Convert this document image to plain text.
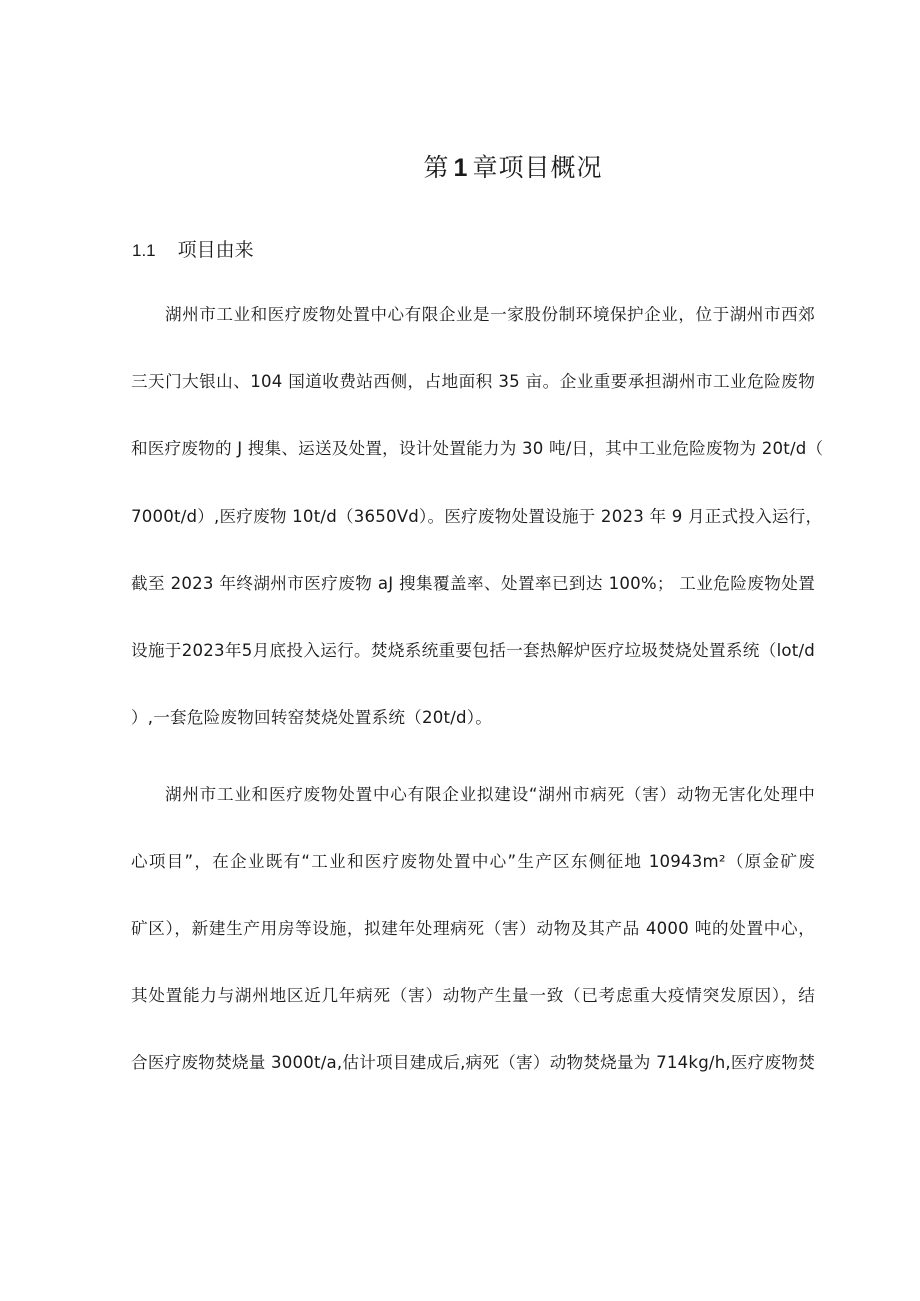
第 1 章项目概况
1.1 项目由来
湖州市工业和医疗废物处置中心有限企业是一家股份制环境保护企业，位于湖州市西郊
三天门大银山、104 国道收费站西侧，占地面积 35 亩。企业重要承担湖州市工业危险废物
和医疗废物的 J 搜集、运送及处置，设计处置能力为 30 吨/日，其中工业危险废物为 20t∕d（
7000t∕d）,医疗废物 10t∕d（3650Vd）。医疗废物处置设施于 2023 年 9 月正式投入运行，
截至 2023 年终湖州市医疗废物 aJ 搜集覆盖率、处置率已到达 100%； 工业危险废物处置
设施于2023年5月底投入运行。焚烧系统重要包括一套热解炉医疗垃圾焚烧处置系统（lot∕d
）,一套危险废物回转窑焚烧处置系统（20t∕d）。
湖州市工业和医疗废物处置中心有限企业拟建设“湖州市病死（害）动物无害化处理中
心项目”，在企业既有“工业和医疗废物处置中心”生产区东侧征地 10943m²（原金矿废
矿区），新建生产用房等设施，拟建年处理病死（害）动物及其产品 4000 吨的处置中心，
其处置能力与湖州地区近几年病死（害）动物产生量一致（已考虑重大疫情突发原因），结
合医疗废物焚烧量 3000t∕a,估计项目建成后,病死（害）动物焚烧量为 714kg∕h,医疗废物焚
